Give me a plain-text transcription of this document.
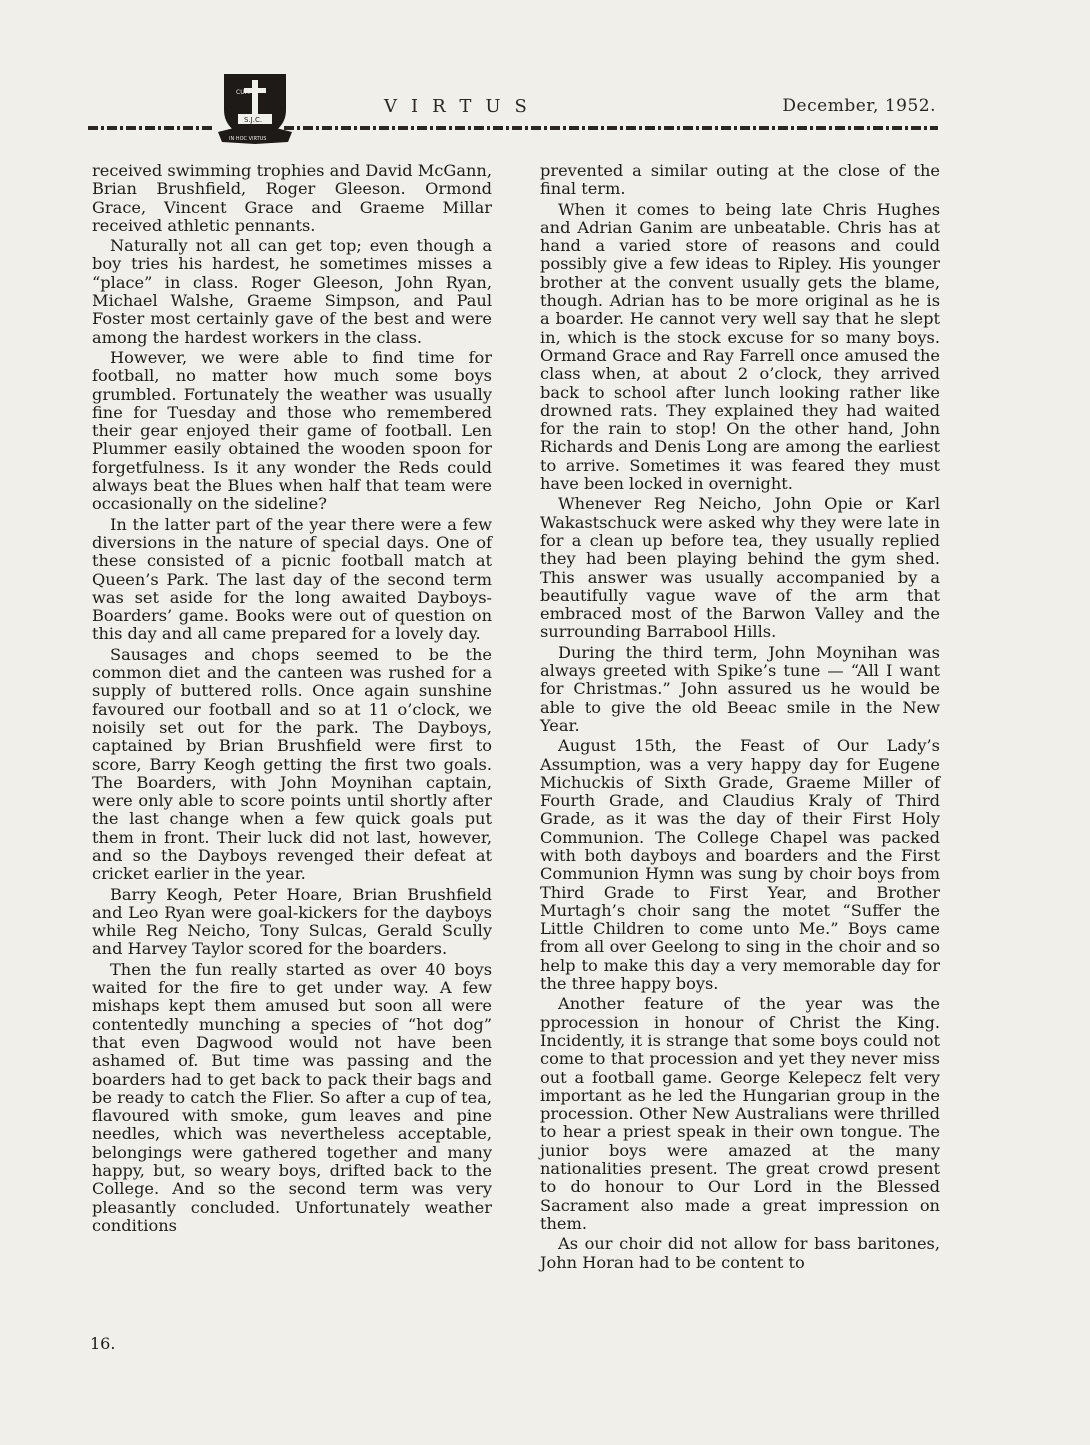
CUM
S.J.C.
IN HOC VIRTUS
VIRTUS	December, 1952.

received swimming trophies and David McGann, Brian Brushfield, Roger Gleeson. Ormond Grace, Vincent Grace and Graeme Millar received athletic pennants.

Naturally not all can get top; even though a boy tries his hardest, he sometimes misses a “place” in class. Roger Gleeson, John Ryan, Michael Walshe, Graeme Simpson, and Paul Foster most certainly gave of the best and were among the hardest workers in the class.

However, we were able to find time for football, no matter how much some boys grumbled. Fortunately the weather was usually fine for Tuesday and those who remembered their gear enjoyed their game of football. Len Plummer easily obtained the wooden spoon for forgetfulness. Is it any wonder the Reds could always beat the Blues when half that team were occasionally on the sideline?

In the latter part of the year there were a few diversions in the nature of special days. One of these consisted of a picnic football match at Queen’s Park. The last day of the second term was set aside for the long awaited Dayboys-Boarders’ game. Books were out of question on this day and all came prepared for a lovely day.

Sausages and chops seemed to be the common diet and the canteen was rushed for a supply of buttered rolls. Once again sunshine favoured our football and so at 11 o’clock, we noisily set out for the park. The Dayboys, captained by Brian Brushfield were first to score, Barry Keogh getting the first two goals. The Boarders, with John Moynihan captain, were only able to score points until shortly after the last change when a few quick goals put them in front. Their luck did not last, however, and so the Dayboys revenged their defeat at cricket earlier in the year.

Barry Keogh, Peter Hoare, Brian Brushfield and Leo Ryan were goal-kickers for the dayboys while Reg Neicho, Tony Sulcas, Gerald Scully and Harvey Taylor scored for the boarders.

Then the fun really started as over 40 boys waited for the fire to get under way. A few mishaps kept them amused but soon all were contentedly munching a species of “hot dog” that even Dagwood would not have been ashamed of. But time was passing and the boarders had to get back to pack their bags and be ready to catch the Flier. So after a cup of tea, flavoured with smoke, gum leaves and pine needles, which was nevertheless acceptable, belongings were gathered together and many happy, but, so weary boys, drifted back to the College. And so the second term was very pleasantly concluded. Unfortunately weather conditions

prevented a similar outing at the close of the final term.

When it comes to being late Chris Hughes and Adrian Ganim are unbeatable. Chris has at hand a varied store of reasons and could possibly give a few ideas to Ripley. His younger brother at the convent usually gets the blame, though. Adrian has to be more original as he is a boarder. He cannot very well say that he slept in, which is the stock excuse for so many boys. Ormand Grace and Ray Farrell once amused the class when, at about 2 o’clock, they arrived back to school after lunch looking rather like drowned rats. They explained they had waited for the rain to stop! On the other hand, John Richards and Denis Long are among the earliest to arrive. Sometimes it was feared they must have been locked in overnight.

Whenever Reg Neicho, John Opie or Karl Wakastschuck were asked why they were late in for a clean up before tea, they usually replied they had been playing behind the gym shed. This answer was usually accompanied by a beautifully vague wave of the arm that embraced most of the Barwon Valley and the surrounding Barrabool Hills.

During the third term, John Moynihan was always greeted with Spike’s tune — “All I want for Christmas.” John assured us he would be able to give the old Beeac smile in the New Year.

August 15th, the Feast of Our Lady’s Assumption, was a very happy day for Eugene Michuckis of Sixth Grade, Graeme Miller of Fourth Grade, and Claudius Kraly of Third Grade, as it was the day of their First Holy Communion. The College Chapel was packed with both dayboys and boarders and the First Communion Hymn was sung by choir boys from Third Grade to First Year, and Brother Murtagh’s choir sang the motet “Suffer the Little Children to come unto Me.” Boys came from all over Geelong to sing in the choir and so help to make this day a very memorable day for the three happy boys.

Another feature of the year was the pprocession in honour of Christ the King. Incidently, it is strange that some boys could not come to that procession and yet they never miss out a football game. George Kelepecz felt very important as he led the Hungarian group in the procession. Other New Australians were thrilled to hear a priest speak in their own tongue. The junior boys were amazed at the many nationalities present. The great crowd present to do honour to Our Lord in the Blessed Sacrament also made a great impression on them.

As our choir did not allow for bass baritones, John Horan had to be content to

16.
